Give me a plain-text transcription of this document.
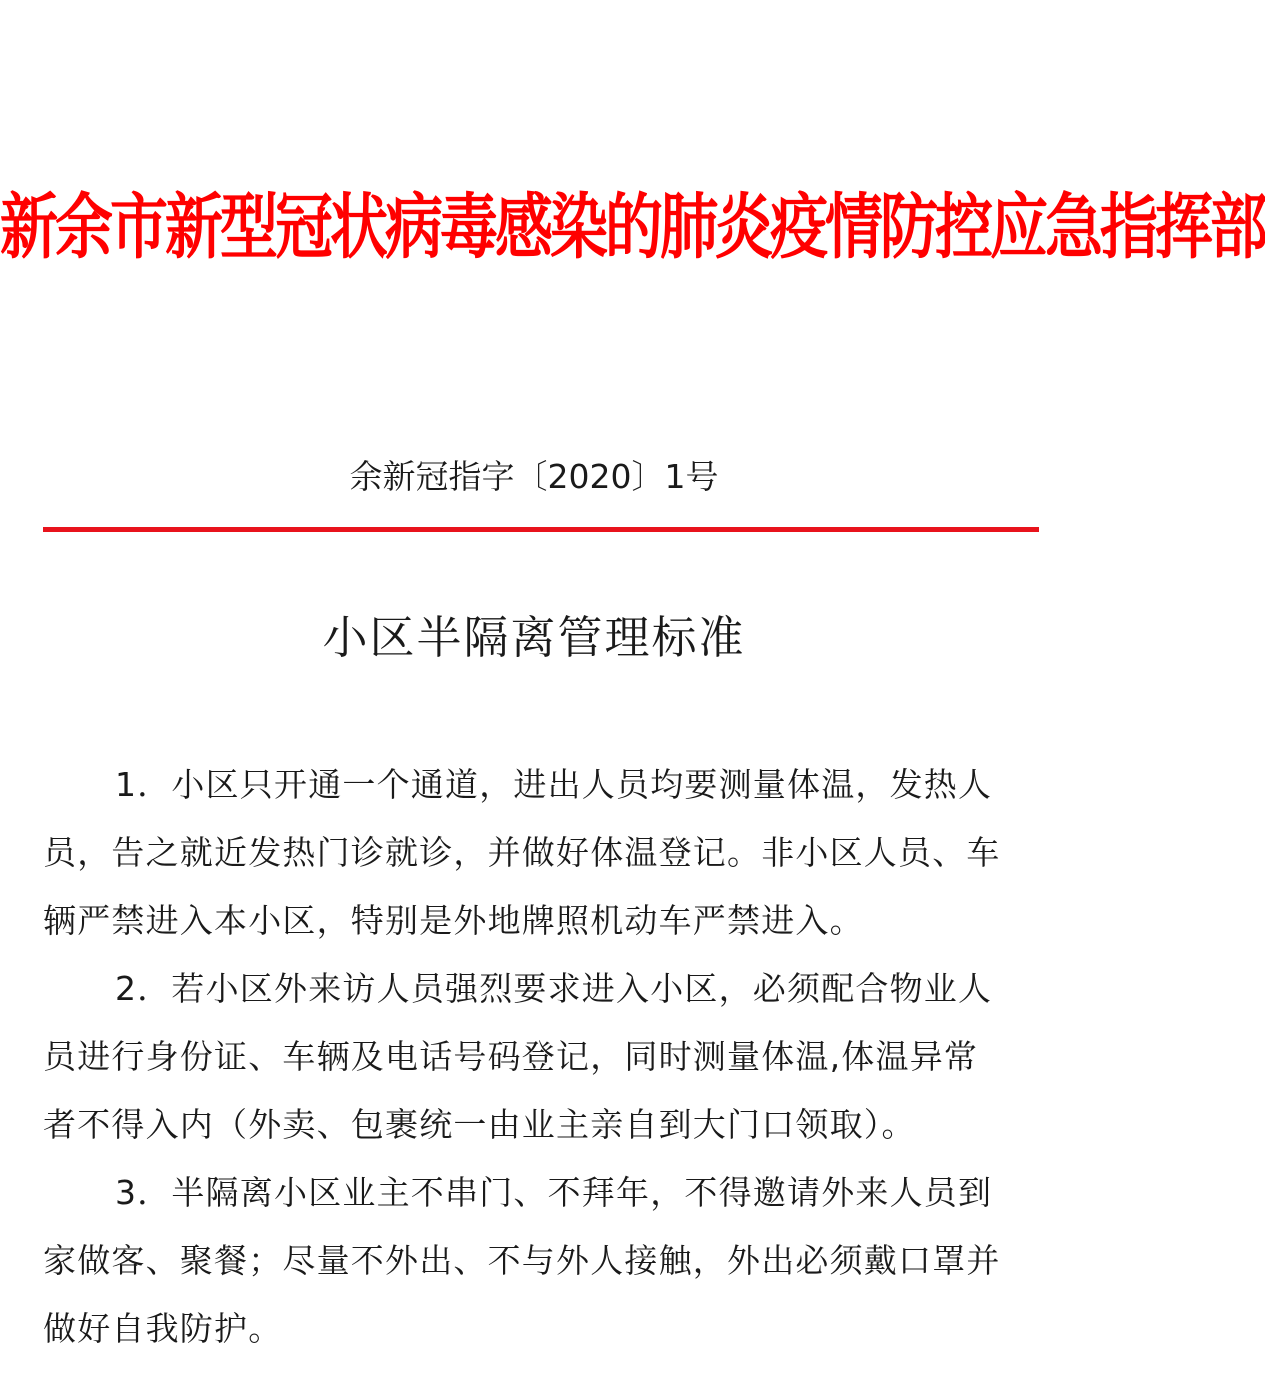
新余市新型冠状病毒感染的肺炎疫情防控应急指挥部
余新冠指字〔2020〕1号
小区半隔离管理标准

1．小区只开通一个通道，进出人员均要测量体温，发热人
员，告之就近发热门诊就诊，并做好体温登记。非小区人员、车
辆严禁进入本小区，特别是外地牌照机动车严禁进入。

2．若小区外来访人员强烈要求进入小区，必须配合物业人
员进行身份证、车辆及电话号码登记，同时测量体温,体温异常
者不得入内（外卖、包裹统一由业主亲自到大门口领取）。

3．半隔离小区业主不串门、不拜年，不得邀请外来人员到
家做客、聚餐；尽量不外出、不与外人接触，外出必须戴口罩并
做好自我防护。
